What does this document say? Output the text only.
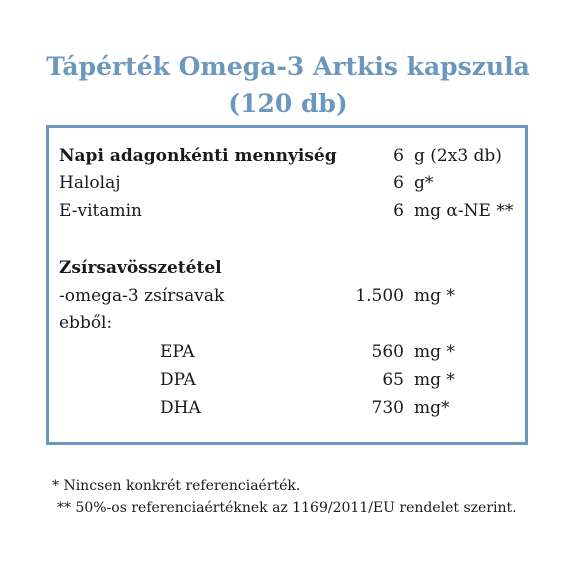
Tápérték Omega-3 Artkis kapszula
(120 db)
Napi adagonkénti mennyiség	6 g (2x3 db)
Halolaj	6 g*
E-vitamin	6 mg α-NE **
Zsírsavösszetétel
-omega-3 zsírsavak	1.500 mg *
ebből:
EPA	560 mg *
DPA	65 mg *
DHA	730 mg*
* Nincsen konkrét referenciaérték.
** 50%-os referenciaértéknek az 1169/2011/EU rendelet szerint.
